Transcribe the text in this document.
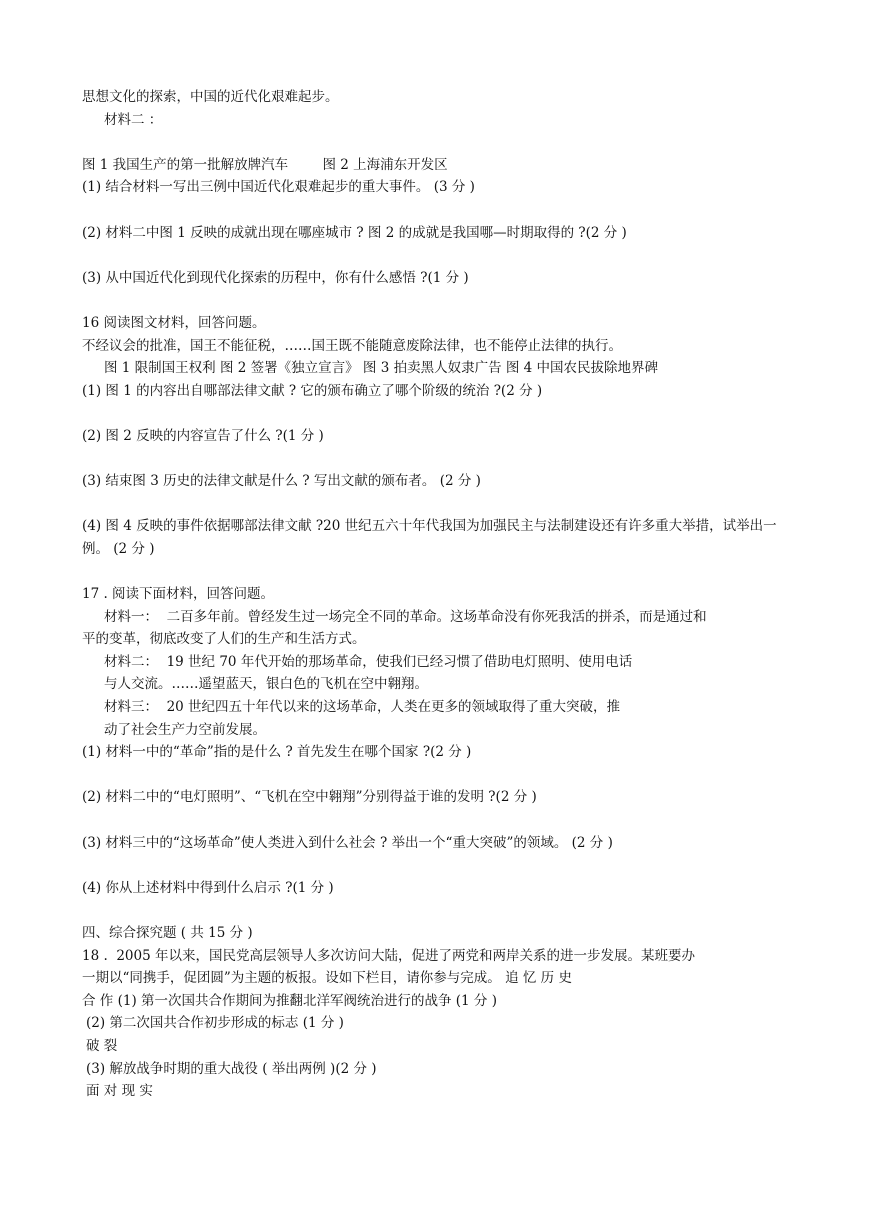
思想文化的探索，中国的近代化艰难起步。
材料二 ：
图 1 我国生产的第一批解放牌汽车        图 2 上海浦东开发区
(1) 结合材料一写出三例中国近代化艰难起步的重大事件。 (3 分 )
(2) 材料二中图 1 反映的成就出现在哪座城市 ? 图 2 的成就是我国哪—时期取得的 ?(2 分 )
(3) 从中国近代化到现代化探索的历程中，你有什么感悟 ?(1 分 )
16 阅读图文材料，回答问题。
不经议会的批准，国王不能征税，……国王既不能随意废除法律，也不能停止法律的执行。
图 1 限制国王权利 图 2 签署《独立宣言》 图 3 拍卖黑人奴隶广告 图 4 中国农民拔除地界碑
(1) 图 1 的内容出自哪部法律文献 ? 它的颁布确立了哪个阶级的统治 ?(2 分 )
(2) 图 2 反映的内容宣告了什么 ?(1 分 )
(3) 结束图 3 历史的法律文献是什么 ? 写出文献的颁布者。 (2 分 )
(4) 图 4 反映的事件依据哪部法律文献 ?20 世纪五六十年代我国为加强民主与法制建设还有许多重大举措，试举出一例。 (2 分 )
17 . 阅读下面材料，回答问题。
材料一：  二百多年前。曾经发生过一场完全不同的革命。这场革命没有你死我活的拼杀，而是通过和
平的变革，彻底改变了人们的生产和生活方式。
材料二：  19 世纪 70 年代开始的那场革命，使我们已经习惯了借助电灯照明、使用电话
与人交流。……遥望蓝天，银白色的飞机在空中翱翔。
材料三：  20 世纪四五十年代以来的这场革命，人类在更多的领域取得了重大突破，推
动了社会生产力空前发展。
(1) 材料一中的“革命”指的是什么 ? 首先发生在哪个国家 ?(2 分 )
(2) 材料二中的“电灯照明”、“飞机在空中翱翔”分别得益于谁的发明 ?(2 分 )
(3) 材料三中的“这场革命”使人类进入到什么社会 ? 举出一个“重大突破”的领域。 (2 分 )
(4) 你从上述材料中得到什么启示 ?(1 分 )
四、综合探究题 ( 共 15 分 )
18 .  2005 年以来，国民党高层领导人多次访问大陆，促进了两党和两岸关系的进一步发展。某班要办
一期以“同携手，促团圆”为主题的板报。设如下栏目，请你参与完成。 追 忆 历 史
合 作 (1) 第一次国共合作期间为推翻北洋军阀统治进行的战争 (1 分 )
(2) 第二次国共合作初步形成的标志 (1 分 )
破 裂
(3) 解放战争时期的重大战役 ( 举出两例 )(2 分 )
面 对 现 实
